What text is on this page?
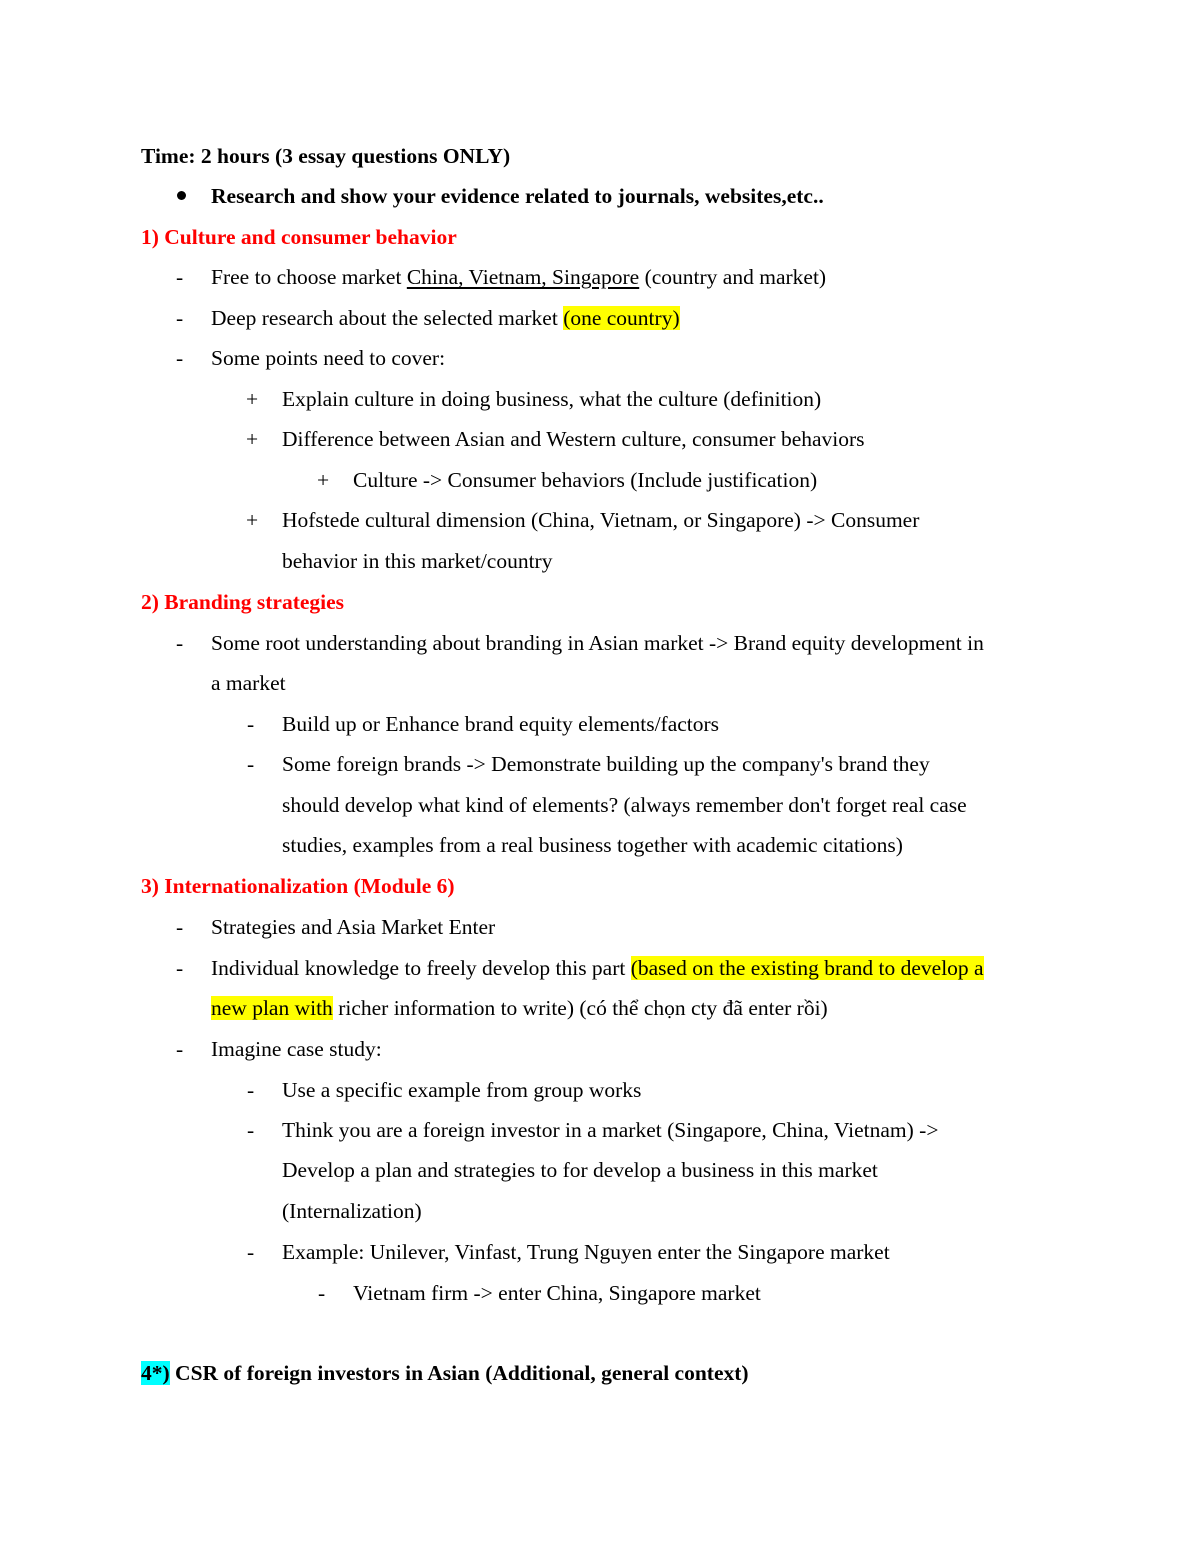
Time: 2 hours (3 essay questions ONLY)
Research and show your evidence related to journals, websites,etc..
1) Culture and consumer behavior
- Free to choose market China, Vietnam, Singapore (country and market)
- Deep research about the selected market (one country)
- Some points need to cover:
+ Explain culture in doing business, what the culture (definition)
+ Difference between Asian and Western culture, consumer behaviors
+ Culture -> Consumer behaviors (Include justification)
+ Hofstede cultural dimension (China, Vietnam, or Singapore) -> Consumer
behavior in this market/country
2) Branding strategies
- Some root understanding about branding in Asian market -> Brand equity development in
a market
- Build up or Enhance brand equity elements/factors
- Some foreign brands -> Demonstrate building up the company's brand they
should develop what kind of elements? (always remember don't forget real case
studies, examples from a real business together with academic citations)
3) Internationalization (Module 6)
- Strategies and Asia Market Enter
- Individual knowledge to freely develop this part (based on the existing brand to develop a
new plan with richer information to write) (có thể chọn cty đã enter rồi)
- Imagine case study:
- Use a specific example from group works
- Think you are a foreign investor in a market (Singapore, China, Vietnam) ->
Develop a plan and strategies to for develop a business in this market
(Internalization)
- Example: Unilever, Vinfast, Trung Nguyen enter the Singapore market
- Vietnam firm -> enter China, Singapore market
4*) CSR of foreign investors in Asian (Additional, general context)
